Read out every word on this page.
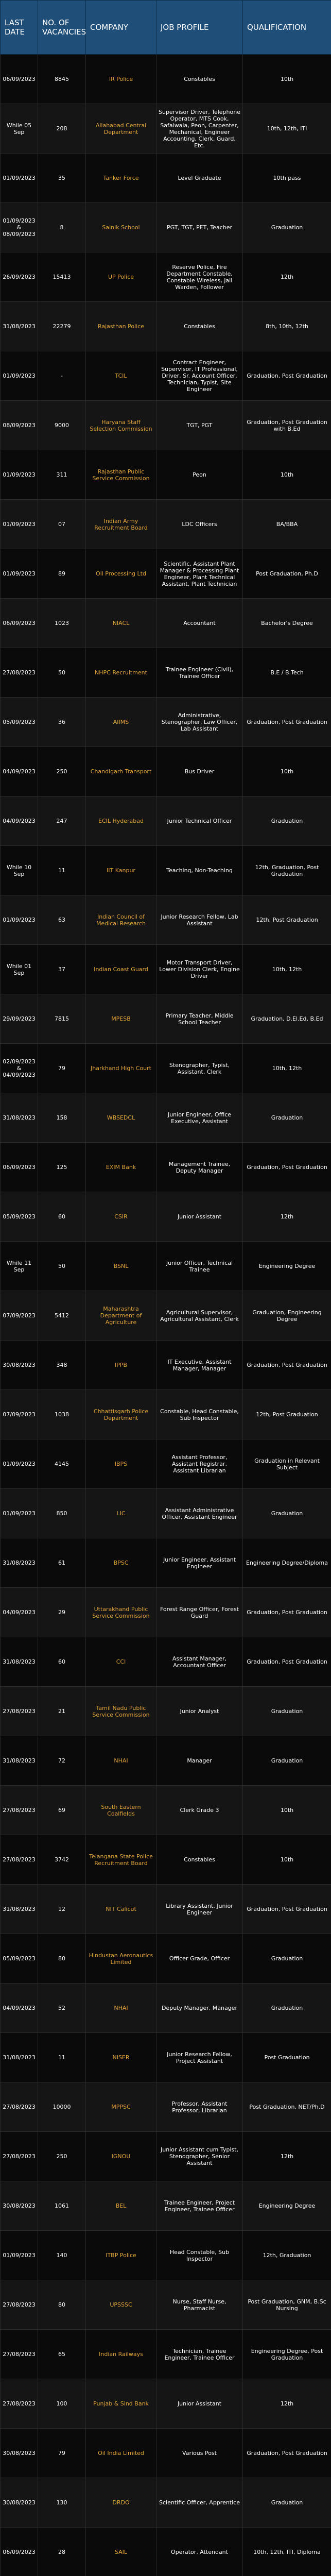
LAST DATE	NO. OF VACANCIES	COMPANY	JOB PROFILE	QUALIFICATION
06/09/2023	8845	IR Police	Constables	10th
While 05 Sep	208	Allahabad Central Department	Supervisor Driver, Telephone Operator, MTS Cook, Safaiwala, Peon, Carpenter, Mechanical, Engineer Accounting, Clerk, Guard, Etc.	10th, 12th, ITI
01/09/2023	35	Tanker Force	Level Graduate	10th pass
01/09/2023 & 08/09/2023	8	Sainik School	PGT, TGT, PET, Teacher	Graduation
26/09/2023	15413	UP Police	Reserve Police, Fire Department Constable, Constable Wireless, Jail Warden, Follower	12th
31/08/2023	22279	Rajasthan Police	Constables	8th, 10th, 12th
01/09/2023	-	TCIL	Contract Engineer, Supervisor, IT Professional, Driver, Sr. Account Officer, Technician, Typist, Site Engineer	Graduation, Post Graduation
08/09/2023	9000	Haryana Staff Selection Commission	TGT, PGT	Graduation, Post Graduation with B.Ed
01/09/2023	311	Rajasthan Public Service Commission	Peon	10th
01/09/2023	07	Indian Army Recruitment Board	LDC Officers	BA/BBA
01/09/2023	89	Oil Processing Ltd	Scientific, Assistant Plant Manager & Processing Plant Engineer, Plant Technical Assistant, Plant Technician	Post Graduation, Ph.D
06/09/2023	1023	NIACL	Accountant	Bachelor's Degree
27/08/2023	50	NHPC Recruitment	Trainee Engineer (Civil), Trainee Officer	B.E / B.Tech
05/09/2023	36	AIIMS	Administrative, Stenographer, Law Officer, Lab Assistant	Graduation, Post Graduation
04/09/2023	250	Chandigarh Transport	Bus Driver	10th
04/09/2023	247	ECIL Hyderabad	Junior Technical Officer	Graduation
While 10 Sep	11	IIT Kanpur	Teaching, Non-Teaching	12th, Graduation, Post Graduation
01/09/2023	63	Indian Council of Medical Research	Junior Research Fellow, Lab Assistant	12th, Post Graduation
While 01 Sep	37	Indian Coast Guard	Motor Transport Driver, Lower Division Clerk, Engine Driver	10th, 12th
29/09/2023	7815	MPESB	Primary Teacher, Middle School Teacher	Graduation, D.El.Ed, B.Ed
02/09/2023 & 04/09/2023	79	Jharkhand High Court	Stenographer, Typist, Assistant, Clerk	10th, 12th
31/08/2023	158	WBSEDCL	Junior Engineer, Office Executive, Assistant	Graduation
06/09/2023	125	EXIM Bank	Management Trainee, Deputy Manager	Graduation, Post Graduation
05/09/2023	60	CSIR	Junior Assistant	12th
While 11 Sep	50	BSNL	Junior Officer, Technical Trainee	Engineering Degree
07/09/2023	5412	Maharashtra Department of Agriculture	Agricultural Supervisor, Agricultural Assistant, Clerk	Graduation, Engineering Degree
30/08/2023	348	IPPB	IT Executive, Assistant Manager, Manager	Graduation, Post Graduation
07/09/2023	1038	Chhattisgarh Police Department	Constable, Head Constable, Sub Inspector	12th, Post Graduation
01/09/2023	4145	IBPS	Assistant Professor, Assistant Registrar, Assistant Librarian	Graduation in Relevant Subject
01/09/2023	850	LIC	Assistant Administrative Officer, Assistant Engineer	Graduation
31/08/2023	61	BPSC	Junior Engineer, Assistant Engineer	Engineering Degree/Diploma
04/09/2023	29	Uttarakhand Public Service Commission	Forest Range Officer, Forest Guard	Graduation, Post Graduation
31/08/2023	60	CCI	Assistant Manager, Accountant Officer	Graduation, Post Graduation
27/08/2023	21	Tamil Nadu Public Service Commission	Junior Analyst	Graduation
31/08/2023	72	NHAI	Manager	Graduation
27/08/2023	69	South Eastern Coalfields	Clerk Grade 3	10th
27/08/2023	3742	Telangana State Police Recruitment Board	Constables	10th
31/08/2023	12	NIT Calicut	Library Assistant, Junior Engineer	Graduation, Post Graduation
05/09/2023	80	Hindustan Aeronautics Limited	Officer Grade, Officer	Graduation
04/09/2023	52	NHAI	Deputy Manager, Manager	Graduation
31/08/2023	11	NISER	Junior Research Fellow, Project Assistant	Post Graduation
27/08/2023	10000	MPPSC	Professor, Assistant Professor, Librarian	Post Graduation, NET/Ph.D
27/08/2023	250	IGNOU	Junior Assistant cum Typist, Stenographer, Senior Assistant	12th
30/08/2023	1061	BEL	Trainee Engineer, Project Engineer, Trainee Officer	Engineering Degree
01/09/2023	140	ITBP Police	Head Constable, Sub Inspector	12th, Graduation
27/08/2023	80	UPSSSC	Nurse, Staff Nurse, Pharmacist	Post Graduation, GNM, B.Sc Nursing
27/08/2023	65	Indian Railways	Technician, Trainee Engineer, Trainee Officer	Engineering Degree, Post Graduation
27/08/2023	100	Punjab & Sind Bank	Junior Assistant	12th
30/08/2023	79	Oil India Limited	Various Post	Graduation, Post Graduation
30/08/2023	130	DRDO	Scientific Officer, Apprentice	Graduation
06/09/2023	28	SAIL	Operator, Attendant	10th, 12th, ITI, Diploma
